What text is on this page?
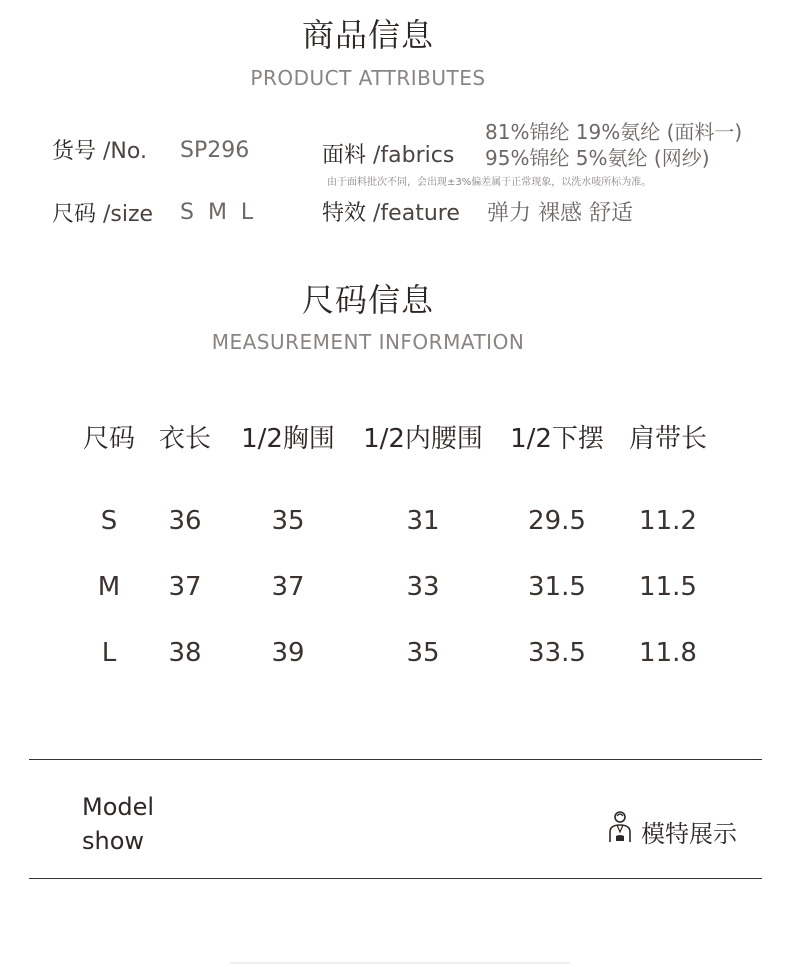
商品信息
PRODUCT ATTRIBUTES
货号 /No. SP296
尺码 /size S  M  L
面料 /fabrics
81%锦纶 19%氨纶 (面料一)
95%锦纶 5%氨纶 (网纱)
由于面料批次不同，会出现±3%偏差属于正常现象，以洗水唛所标为准。
特效 /feature 弹力 裸感 舒适
尺码信息
MEASUREMENT INFORMATION
尺码	衣长	1/2胸围	1/2内腰围	1/2下摆	肩带长
S	36	35	31	29.5	11.2
M	37	37	33	31.5	11.5
L	38	39	35	33.5	11.8
Model
show	模特展示
